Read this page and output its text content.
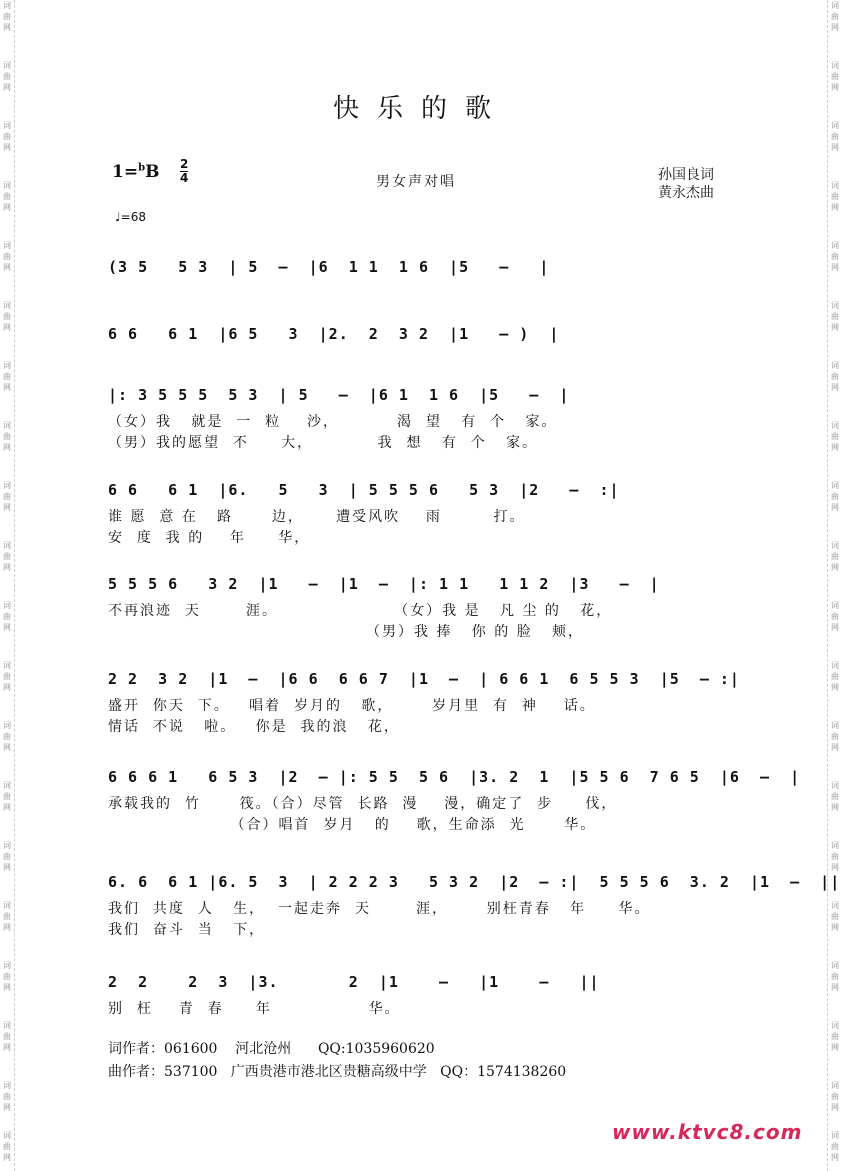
快乐的歌
1=$^b$B 2
4	男女声对唱	孙国良词
黄永杰曲
♩=68
(3 5   5 3  | 5  –  |6  1 1  1 6  |5   –   |
6 6   6 1  |6 5   3  |2.  2  3 2  |1   – )  |
|: 3 5 5 5  5 3  | 5   –  |6 1  1 6  |5   –  |
（女）我   就是  一  粒    沙，         渴  望   有  个   家。
（男）我的愿望  不     大，          我  想   有  个   家。
6 6   6 1  |6.   5   3  | 5 5 5 6   5 3  |2   –  :|
谁 愿  意 在   路      边，     遭受风吹    雨        打。
安  度  我 的    年     华，
5 5 5 6   3 2  |1   –  |1  –  |: 1 1   1 1 2  |3   –  |
不再浪迹  天       涯。                  （女）我 是   凡 尘 的   花，
（男）我 捧   你 的 脸   颊，
2 2  3 2  |1  –  |6 6  6 6 7  |1  –  | 6 6 1  6 5 5 3  |5  – :|
盛开  你天  下。   唱着  岁月的   歌，      岁月里  有  神    话。
情话  不说   啦。   你是  我的浪   花，
6 6 6 1   6 5 3  |2  – |: 5 5  5 6  |3. 2  1  |5 5 6  7 6 5  |6  –  |
承载我的  竹      筏。（合）尽管  长路  漫    漫，确定了  步     伐，
（合）唱首  岁月   的    歌，生命添  光      华。
6. 6  6 1 |6. 5  3  | 2 2 2 3   5 3 2  |2  – :|  5 5 5 6  3. 2  |1  –  ||
我们  共度  人   生，  一起走奔  天       涯，      别枉青春   年     华。
我们  奋斗  当   下，
2  2    2  3  |3.       2  |1    –   |1    –   ||
别  枉    青  春     年               华。
词作者：061600    河北沧州      QQ:1035960620
曲作者：537100   广西贵港市港北区贵糖高级中学   QQ：1574138260
www.ktvc8.com
词
曲
网
词
曲
网
词
曲
网
词
曲
网
词
曲
网
词
曲
网
词
曲
网
词
曲
网
词
曲
网
词
曲
网
词
曲
网
词
曲
网
词
曲
网
词
曲
网
词
曲
网
词
曲
网
词
曲
网
词
曲
网
词
曲
网
词
曲
网
词
曲
网
词
曲
网
词
曲
网
词
曲
网
词
曲
网
词
曲
网
词
曲
网
词
曲
网
词
曲
网
词
曲
网
词
曲
网
词
曲
网
词
曲
网
词
曲
网
词
曲
网
词
曲
网
词
曲
网
词
曲
网
词
曲
网
词
曲
网
